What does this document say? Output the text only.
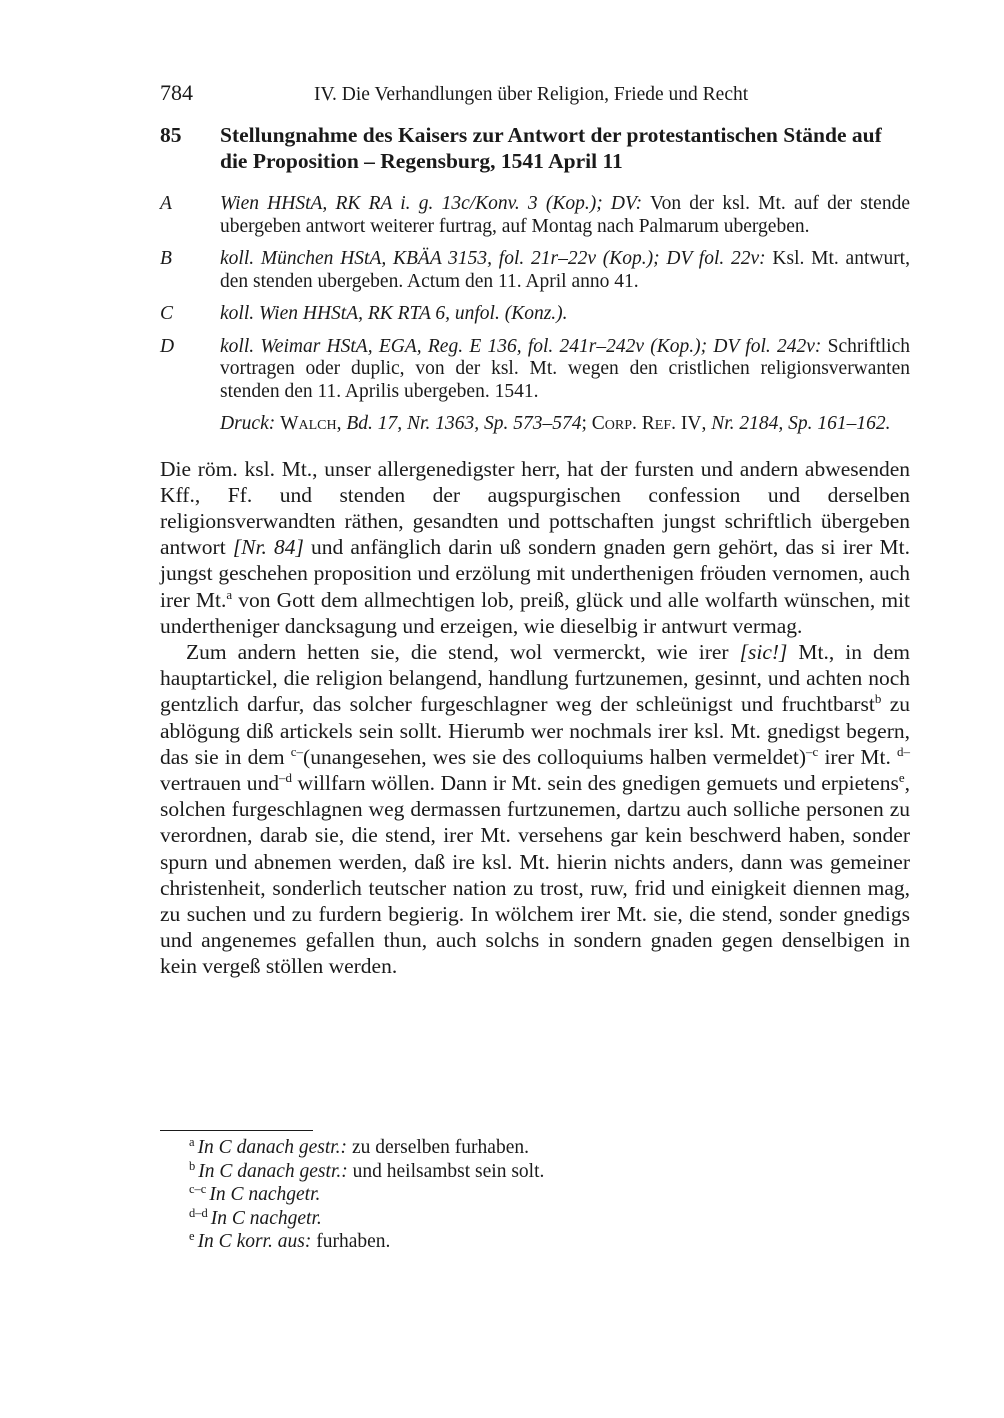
784	IV. Die Verhandlungen über Religion, Friede und Recht
85 Stellungnahme des Kaisers zur Antwort der protestantischen Stände auf die Proposition – Regensburg, 1541 April 11
A Wien HHStA, RK RA i. g. 13c/Konv. 3 (Kop.); DV: Von der ksl. Mt. auf der stende ubergeben antwort weiterer furtrag, auf Montag nach Palmarum ubergeben.
B koll. München HStA, KBÄA 3153, fol. 21r–22v (Kop.); DV fol. 22v: Ksl. Mt. antwurt, den stenden ubergeben. Actum den 11. April anno 41.
C koll. Wien HHStA, RK RTA 6, unfol. (Konz.).
D koll. Weimar HStA, EGA, Reg. E 136, fol. 241r–242v (Kop.); DV fol. 242v: Schriftlich vortragen oder duplic, von der ksl. Mt. wegen den cristlichen religionsverwanten stenden den 11. Aprilis ubergeben. 1541.
Druck: Walch, Bd. 17, Nr. 1363, Sp. 573–574; Corp. Ref. IV, Nr. 2184, Sp. 161–162.

Die röm. ksl. Mt., unser allergenedigster herr, hat der fursten und andern abwesenden Kff., Ff. und stenden der augspurgischen confession und derselben religionsverwandten räthen, gesandten und pottschaften jungst schriftlich übergeben antwort [Nr. 84] und anfänglich darin uß sondern gnaden gern gehört, das si irer Mt. jungst geschehen proposition und erzölung mit underthenigen fröuden vernomen, auch irer Mt.$^a$ von Gott dem allmechtigen lob, preiß, glück und alle wolfarth wünschen, mit undertheniger dancksagung und erzeigen, wie dieselbig ir antwurt vermag.

Zum andern hetten sie, die stend, wol vermerckt, wie irer [sic!] Mt., in dem hauptartickel, die religion belangend, handlung furtzunemen, gesinnt, und achten noch gentzlich darfur, das solcher furgeschlagner weg der schleünigst und fruchtbarst$^b$ zu ablögung diß artickels sein sollt. Hierumb wer nochmals irer ksl. Mt. gnedigst begern, das sie in dem $^{c-}$(unangesehen, wes sie des colloquiums halben vermeldet)$^{-c}$ irer Mt. $^{d-}$vertrauen und$^{-d}$ willfarn wöllen. Dann ir Mt. sein des gnedigen gemuets und erpietens$^e$, solchen furgeschlagnen weg dermassen furtzunemen, dartzu auch solliche personen zu verordnen, darab sie, die stend, irer Mt. versehens gar kein beschwerd haben, sonder spurn und abnemen werden, daß ire ksl. Mt. hierin nichts anders, dann was gemeiner christenheit, sonderlich teutscher nation zu trost, ruw, frid und einigkeit diennen mag, zu suchen und zu furdern begierig. In wölchem irer Mt. sie, die stend, sonder gnedigs und angenemes gefallen thun, auch solchs in sondern gnaden gegen denselbigen in kein vergeß stöllen werden.

$^a$ In C danach gestr.: zu derselben furhaben.
$^b$ In C danach gestr.: und heilsambst sein solt.
$^{c-c}$ In C nachgetr.
$^{d-d}$ In C nachgetr.
$^e$ In C korr. aus: furhaben.
